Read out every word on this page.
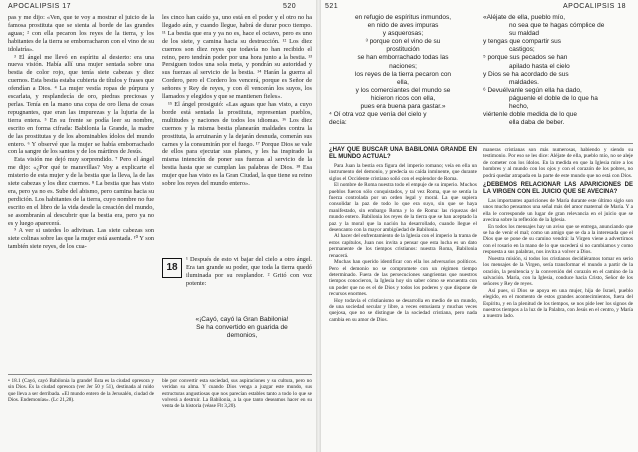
APOCALIPSIS 17	520

pas y me dijo: «Ven, que te voy a mostrar el juicio de la famosa prostituta que se sienta al borde de las grandes aguas; ² con ella pecaron los reyes de la tierra, y los habitantes de la tierra se emborracharon con el vino de su idolatría».

³ El ángel me llevó en espíritu al desierto: era una nueva visión. Había allí una mujer sentada sobre una bestia de color rojo, que tenía siete cabezas y diez cuernos. Esta bestia estaba cubierta de títulos y frases que ofendían a Dios. ⁴ La mujer vestía ropas de púrpura y escarlata, y resplandecía de oro, piedras preciosas y perlas. Tenía en la mano una copa de oro llena de cosas repugnantes, que eran las impurezas y la lujuria de la tierra entera. ⁵ En su frente se podía leer su nombre, escrito en forma cifrada: Babilonia la Grande, la madre de las prostitutas y de los abominables ídolos del mundo entero. ⁶ Y observé que la mujer se había emborrachado con la sangre de los santos y de los mártires de Jesús.

Esta visión me dejó muy sorprendido. ⁷ Pero el ángel me dijo: «¿Por qué te maravillas? Voy a explicarte el misterio de esta mujer y de la bestia que la lleva, la de las siete cabezas y los diez cuernos. ⁸ La bestia que has visto era, pero ya no es. Sube del abismo, pero camina hacia su perdición. Los habitantes de la tierra, cuyo nombre no fue escrito en el libro de la vida desde la creación del mundo, se asombrarán al descubrir que la bestia era, pero ya no es y luego aparecerá.

⁹ A ver si ustedes lo adivinan. Las siete cabezas son siete colinas sobre las que la mujer está asentada. ¹⁰ Y son también siete reyes, de los cua-

les cinco han caído ya, uno está en el poder y el otro no ha llegado aún, y cuando llegue, habrá de durar poco tiempo. ¹¹ La bestia que era y ya no es, hace el octavo, pero es uno de los siete, y camina hacia su destrucción. ¹² Los diez cuernos son diez reyes que todavía no han recibido el reino, pero tendrán poder por una hora junto a la bestia. ¹³ Persiguen todos una sola meta, y pondrán su autoridad y sus fuerzas al servicio de la bestia. ¹⁴ Harán la guerra al Cordero, pero el Cordero los vencerá, porque es Señor de señores y Rey de reyes, y con él vencerán los suyos, los llamados y elegidos y que se mantienen fieles».

¹⁵ El ángel prosiguió: «Las aguas que has visto, a cuyo borde está sentada la prostituta, representan pueblos, multitudes y naciones de todos los idiomas. ¹⁶ Los diez cuernos y la misma bestia planearán maldades contra la prostituta, la arruinarán y la dejarán desnuda, comerán sus carnes y la consumirán por el fuego. ¹⁷ Porque Dios se vale de ellos para ejecutar sus planes, y les ha inspirado la misma intención de poner sus fuerzas al servicio de la bestia hasta que se cumplan las palabras de Dios. ¹⁸ Esa mujer que has visto es la Gran Ciudad, la que tiene su reino sobre los reyes del mundo entero».

18
¹ Después de esto vi bajar del cielo a otro ángel. Era tan grande su poder, que toda la tierra quedó iluminada por su resplandor. ² Gritó con voz potente:
«¡Cayó, cayó la Gran Babilonia!
Se ha convertido en guarida de
demonios,
• 18.1 (Cayó, cayó Babilonia la grande! Esta es la ciudad opresora y sin Dios. Es la ciudad opresora (ver Jer 50 y 51), destinada al ruido que lleva a ser derribada. «El mundo entero de la Jerusalén, ciudad de Dios. Endemonías». (Lc 21,28).
ble por convertir esta sociedad, sus aspiraciones y su cultura, pero no veridan su alma. Y cuando Dios venga a juzgar este mundo, sus estructuras angustiosas que nos parecían estables tanto a todo lo que se volverá a destruir. La Babilonia, a la que tanto deseamos hacer en su venta de la historia (véase Flt 3,20).
521	APOCALIPSIS 18
en refugio de espíritus inmundos,
en nido de aves impuras
y asquerosas;
³ porque con el vino de su
prostitución
se han emborrachado todas las
naciones;
los reyes de la tierra pecaron con
ella,
y los comerciantes del mundo se
hicieron ricos con ella,
pues era buena para gastar.»
⁴ Oí otra voz que venía del cielo y
decía:
«Aléjate de ella, pueblo mío,
no sea que te hagas cómplice de
su maldad
y tengas que compartir sus
castigos;
⁵ porque sus pecados se han
apilado hasta el cielo
y Dios se ha acordado de sus
maldades.
⁶ Devuélvanle según ella ha dado,
páguenle el doble de lo que ha
hecho,
viértenle doble medida de lo que
ella daba de beber.
¿HAY QUE BUSCAR UNA BABILONIA GRANDE EN EL MUNDO ACTUAL?

Para Juan la bestia era figura del imperio romano; veía en ella un instrumento del demonio, y predecía su caída inminente, que durante siglos el Occidente cristiano soñó con el esplendor de Roma.

El nombre de Roma nuestra todo el empuje de su imperio. Muchos pueblos fueron sólo conquistados, y tal vez Roma, que se sentía la fuerza controlada por un orden legal y moral. La que supiera consolidar la paz de todo lo que era suyo, sin que se haya manifestado, sin embargo Roma y lo de Roma: las riquezas del mundo entero. Babilonia los reyes de la tierra que se han aceptado la paz y la moral que la nación ha desarrollado, cuando llegue el desencanto con la mayor ambigüedad de Babilonia.

Al hacer del enfrentamiento de la Iglesia con el imperio la trama de estos capítulos, Juan nos invita a pensar que esta lucha es un dato permanente de los tiempos cristianos: nuestra Roma, Babilonia renacerá.

Muchas han querido identificar con ella los adversarios políticos. Pero el demonio no se compromete con un régimen tiempo determinado. Fuera de las persecuciones sangrientas que nuestros tiempos conocieron, la Iglesia hoy sin saber cómo se encuentra con un poder que no es el de Dios y todos los poderes y que dispone de recursos enormes.

Hoy todavía el cristianismo se desarrolla en medio de un mundo, de una sociedad secular y libre, a veces entusiasta y muchas veces quejosa, que no se distingue de la sociedad cristiana, pero nada cambia en su amor de Dios.

maneras cristianas son más numerosas, habiendo y siendo su testimonio. Por eso se les dice: Aléjate de ella, pueblo mío, no se aleje de cometer con los ídolos. En la medida en que la Iglesia mire a los hombres y al mundo con los ojos y con el corazón de los pobres, no podrá quedar atrapada en la parte de este mundo que no está con Dios.

¿DEBEMOS RELACIONAR LAS APARICIONES DE LA VIRGEN CON EL JUICIO QUE SE AVECINA?

Las importantes apariciones de María durante este último siglo son unos mucho pensamos una señal más del amor maternal de María. Y a ella le corresponde un lugar de gran relevancia en el juicio que se avecina sobre la reflexión de la Iglesia.

En todos los mensajes hay un aviso que se entrega, anunciando que se ha de venir el mal; como un amigo que se da a la interesada que el Dios que se pone de su camino vendrá: la Virgen viene a advertirnos con el rosario en la mano de lo que sucederá si no cambiamos y como respuesta a sus palabras, nos invita a volver a Dios.

Nuestra misión, si todos los cristianos decidiéramos tomar en serio los mensajes de la Virgen, sería transformar el mundo a partir de la oración, la penitencia y la conversión del corazón en el camino de la salvación. María, con la Iglesia, conduce hacia Cristo, Señor de los señores y Rey de reyes.

Así pues, si Dios se apoya en una mujer, hija de Israel, pueblo elegido, en el momento de estos grandes acontecimientos, fuera del Espíritu, y en la plenitud de los tiempos, se nos pide leer los signos de nuestros tiempos a la luz de la Palabra, con Jesús en el centro, y María a nuestro lado.
